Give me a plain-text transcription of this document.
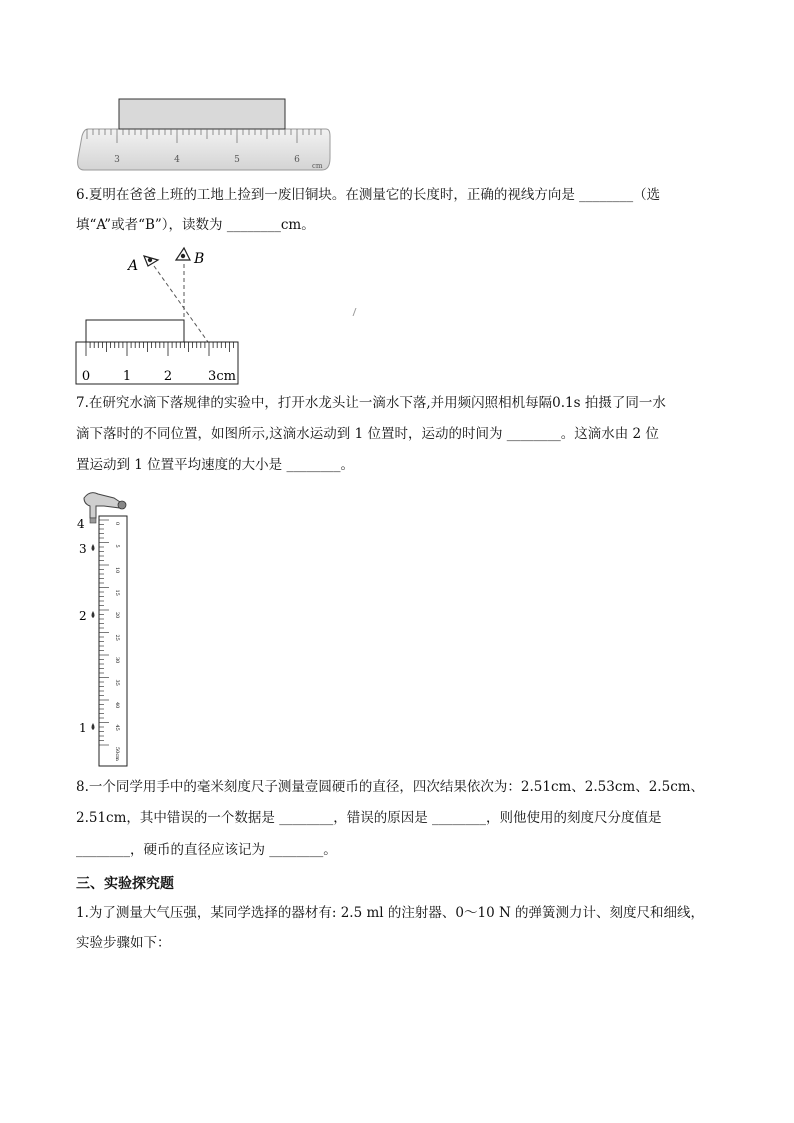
3	4	5	6
cm
6.夏明在爸爸上班的工地上捡到一废旧铜块。在测量它的长度时，正确的视线方向是 ________（选
填“A”或者“B”），读数为 ________cm。
A	B
0	1	2	3cm
7.在研究水滴下落规律的实验中，打开水龙头让一滴水下落,并用频闪照相机每隔0.1s 拍摄了同一水
滴下落时的不同位置，如图所示,这滴水运动到 1 位置时，运动的时间为 ________。这滴水由 2 位
置运动到 1 位置平均速度的大小是 ________。
4
3
2
1
0
5
10
15
20
25
30
35
40
45
50cm
8.一个同学用手中的毫米刻度尺子测量壹圆硬币的直径，四次结果依次为：2.51cm、2.53cm、2.5cm、
2.51cm，其中错误的一个数据是 ________，错误的原因是 ________，则他使用的刻度尺分度值是
________，硬币的直径应该记为 ________。
三、实验探究题
1.为了测量大气压强，某同学选择的器材有: 2.5 ml 的注射器、0～10 N 的弹簧测力计、刻度尺和细线，
实验步骤如下：
